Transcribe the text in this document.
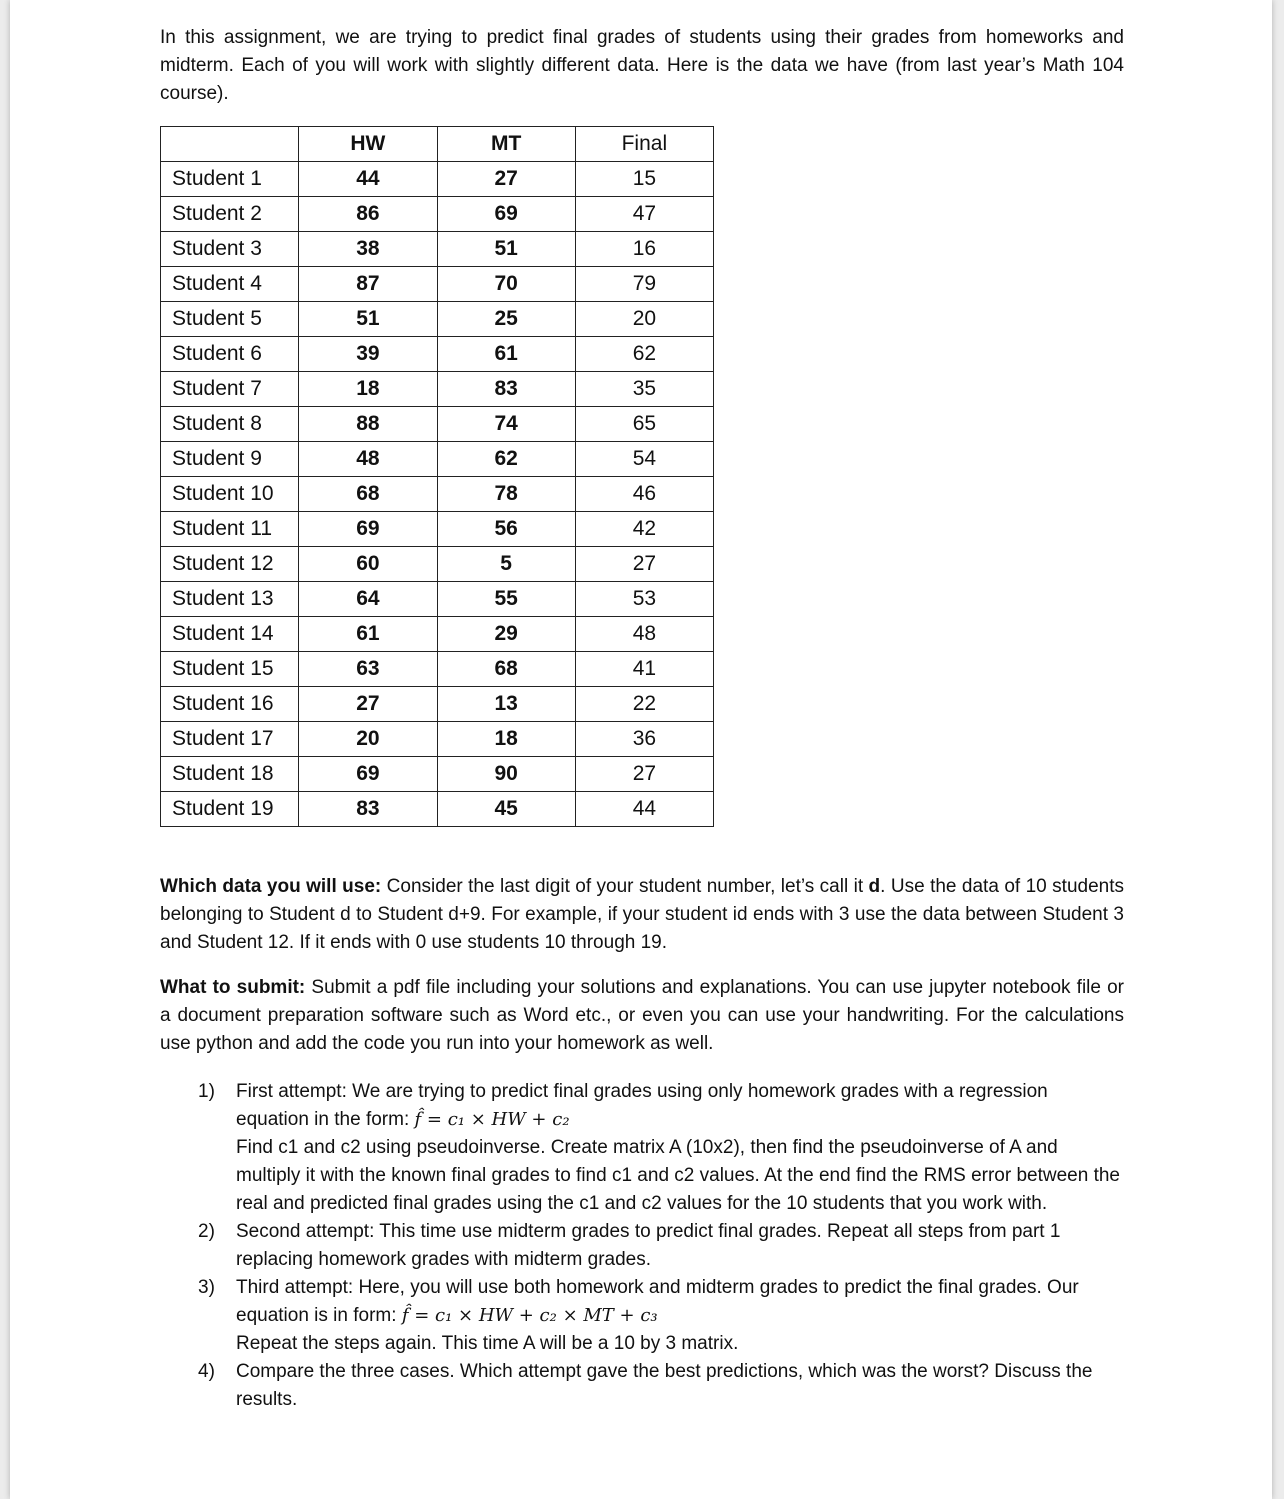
In this assignment, we are trying to predict final grades of students using their grades from homeworks and midterm. Each of you will work with slightly different data. Here is the data we have (from last year’s Math 104 course).

	HW	MT	Final
Student 1	44	27	15
Student 2	86	69	47
Student 3	38	51	16
Student 4	87	70	79
Student 5	51	25	20
Student 6	39	61	62
Student 7	18	83	35
Student 8	88	74	65
Student 9	48	62	54
Student 10	68	78	46
Student 11	69	56	42
Student 12	60	5	27
Student 13	64	55	53
Student 14	61	29	48
Student 15	63	68	41
Student 16	27	13	22
Student 17	20	18	36
Student 18	69	90	27
Student 19	83	45	44

Which data you will use: Consider the last digit of your student number, let’s call it d. Use the data of 10 students belonging to Student d to Student d+9. For example, if your student id ends with 3 use the data between Student 3 and Student 12. If it ends with 0 use students 10 through 19.

What to submit: Submit a pdf file including your solutions and explanations. You can use jupyter notebook file or a document preparation software such as Word etc., or even you can use your handwriting. For the calculations use python and add the code you run into your homework as well.

1) First attempt: We are trying to predict final grades using only homework grades with a regression
equation in the form: f̂ = c₁ × HW + c₂
Find c1 and c2 using pseudoinverse. Create matrix A (10x2), then find the pseudoinverse of A and multiply it with the known final grades to find c1 and c2 values. At the end find the RMS error between the real and predicted final grades using the c1 and c2 values for the 10 students that you work with.
2) Second attempt: This time use midterm grades to predict final grades. Repeat all steps from part 1 replacing homework grades with midterm grades.
3) Third attempt: Here, you will use both homework and midterm grades to predict the final grades. Our
equation is in form: f̂ = c₁ × HW + c₂ × MT + c₃
Repeat the steps again. This time A will be a 10 by 3 matrix.
4) Compare the three cases. Which attempt gave the best predictions, which was the worst? Discuss the results.
